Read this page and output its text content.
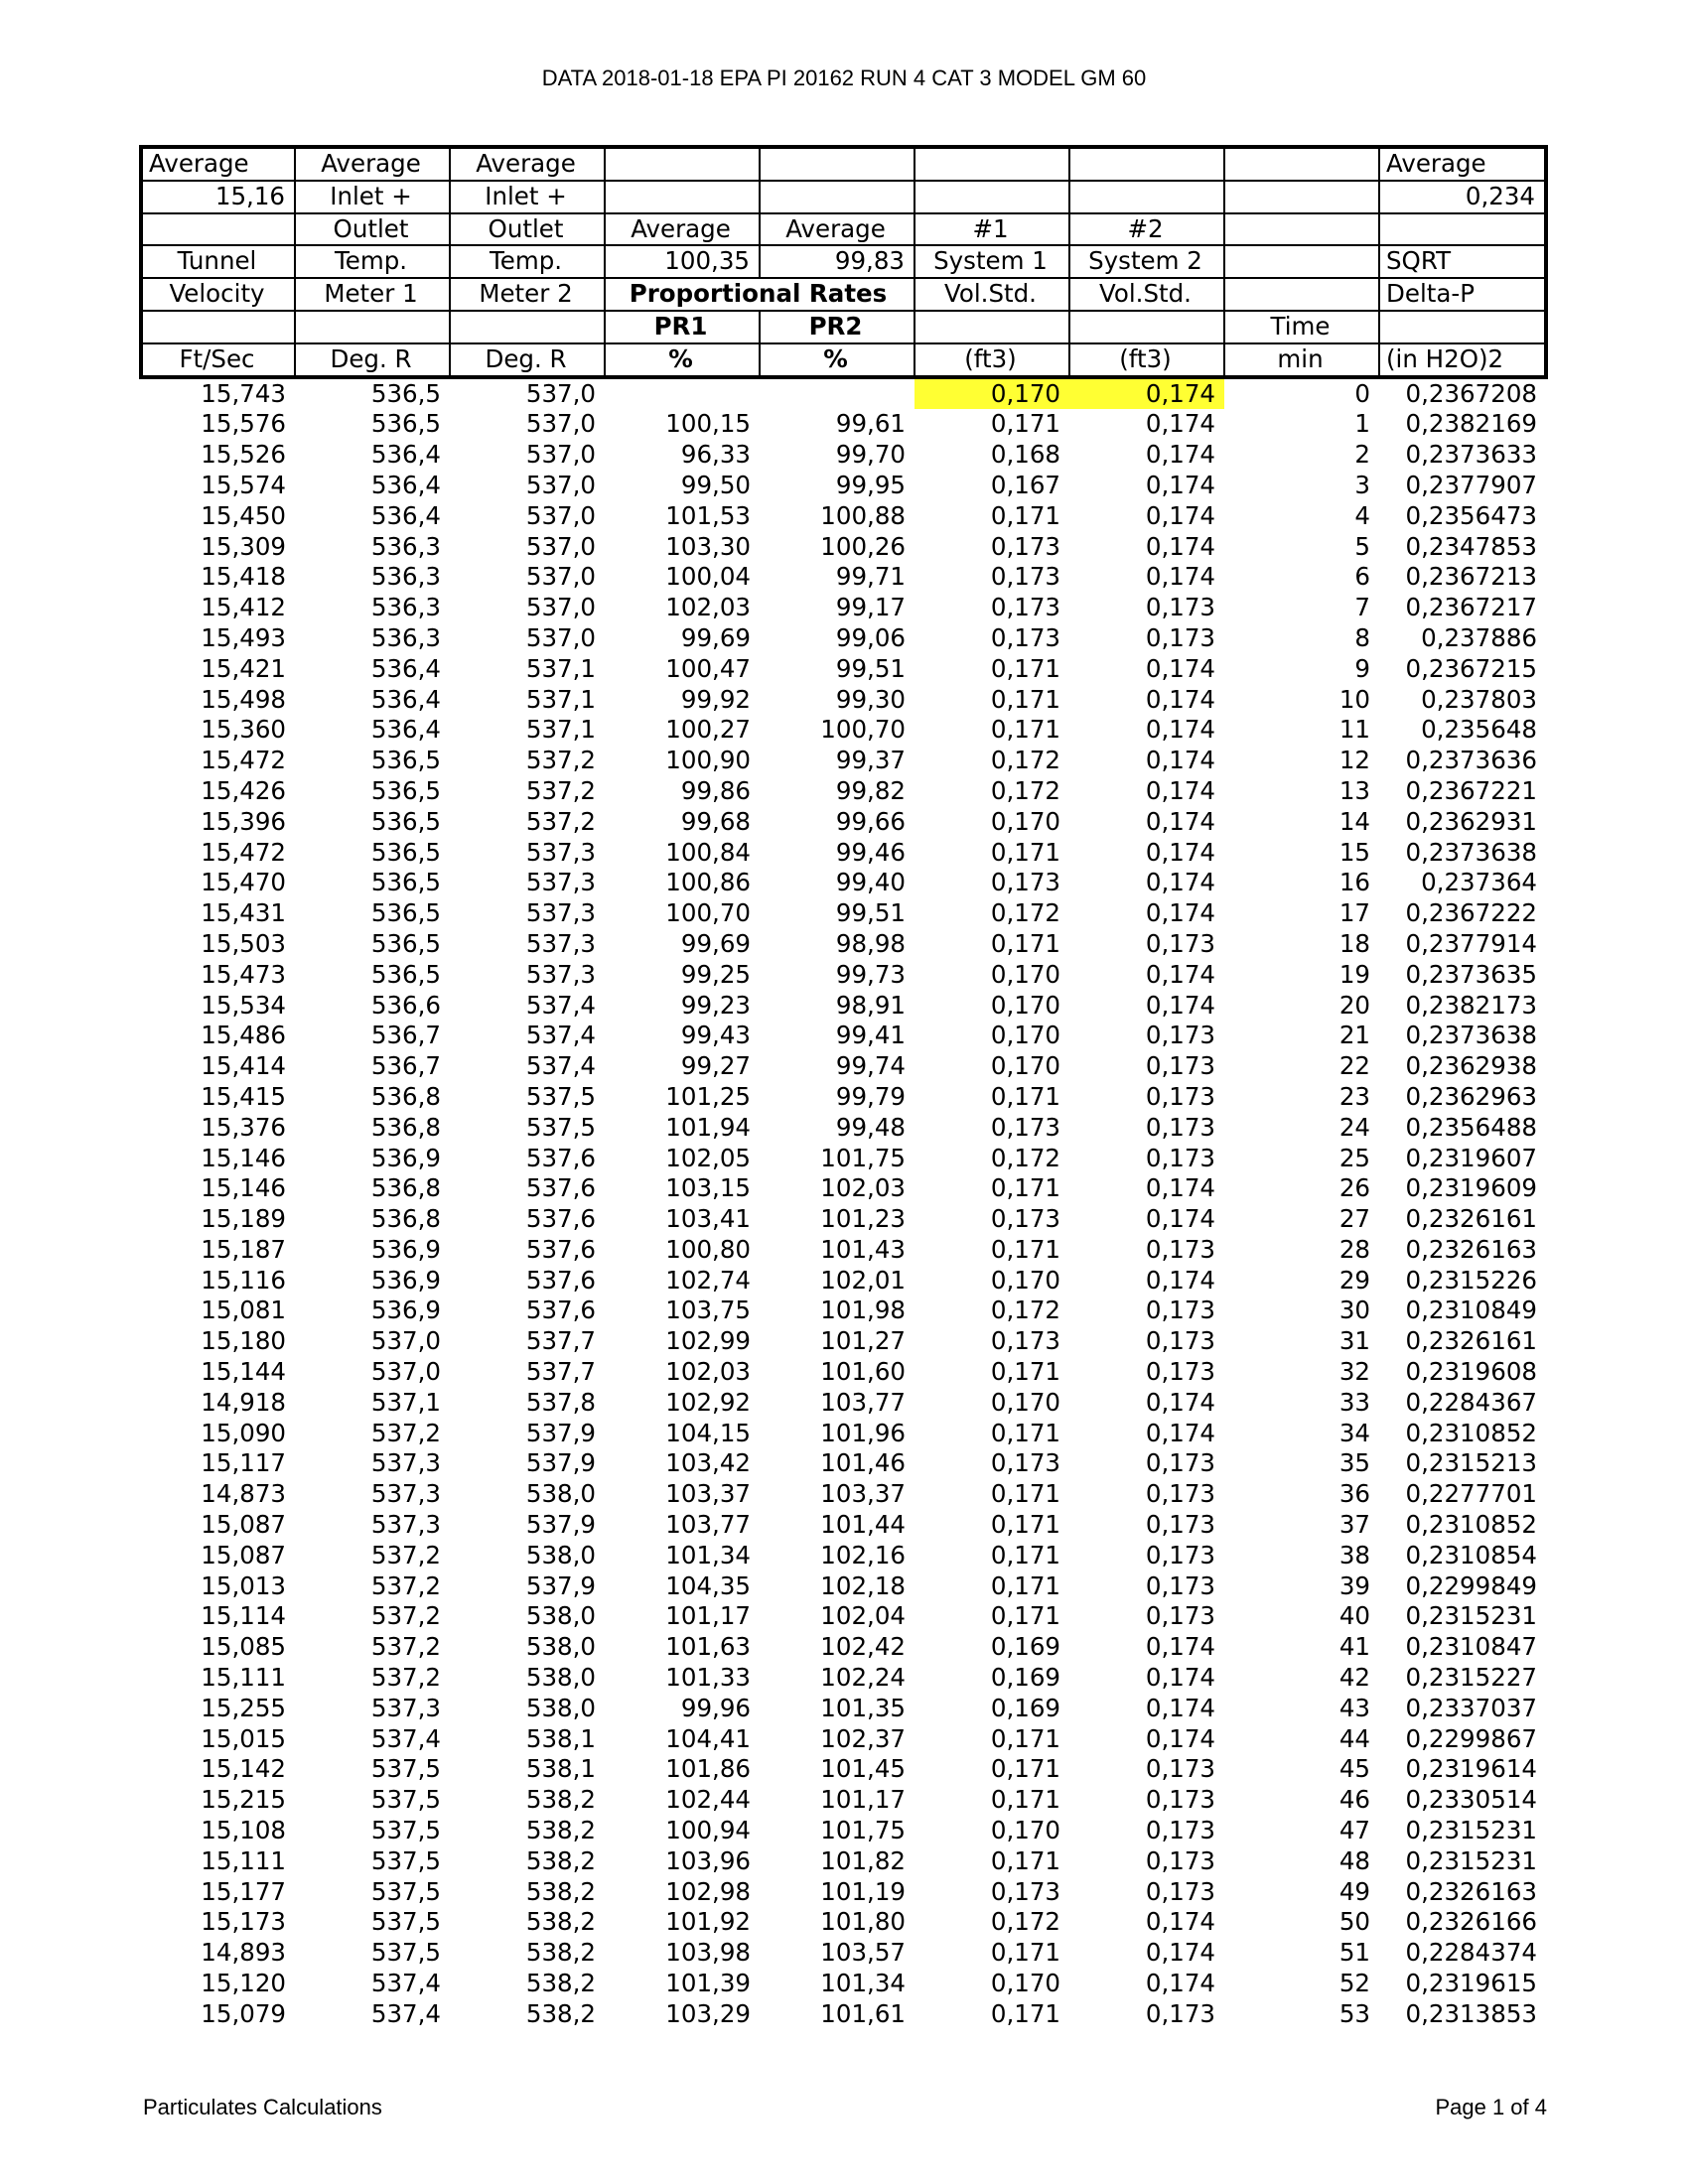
DATA 2018-01-18 EPA PI 20162 RUN 4 CAT 3 MODEL GM 60
Average	Average	Average						Average
15,16	Inlet +	Inlet +						0,234
	Outlet	Outlet	Average	Average	#1	#2		
Tunnel	Temp.	Temp.	100,35	99,83	System 1	System 2		SQRT
Velocity	Meter 1	Meter 2	Proportional Rates		Vol.Std.	Vol.Std.		Delta-P
			PR1	PR2			Time	
Ft/Sec	Deg. R	Deg. R	%	%	(ft3)	(ft3)	min	(in H2O)2
15,743	536,5	537,0			0,170	0,174	0	0,2367208
15,576	536,5	537,0	100,15	99,61	0,171	0,174	1	0,2382169
15,526	536,4	537,0	96,33	99,70	0,168	0,174	2	0,2373633
15,574	536,4	537,0	99,50	99,95	0,167	0,174	3	0,2377907
15,450	536,4	537,0	101,53	100,88	0,171	0,174	4	0,2356473
15,309	536,3	537,0	103,30	100,26	0,173	0,174	5	0,2347853
15,418	536,3	537,0	100,04	99,71	0,173	0,174	6	0,2367213
15,412	536,3	537,0	102,03	99,17	0,173	0,173	7	0,2367217
15,493	536,3	537,0	99,69	99,06	0,173	0,173	8	0,237886
15,421	536,4	537,1	100,47	99,51	0,171	0,174	9	0,2367215
15,498	536,4	537,1	99,92	99,30	0,171	0,174	10	0,237803
15,360	536,4	537,1	100,27	100,70	0,171	0,174	11	0,235648
15,472	536,5	537,2	100,90	99,37	0,172	0,174	12	0,2373636
15,426	536,5	537,2	99,86	99,82	0,172	0,174	13	0,2367221
15,396	536,5	537,2	99,68	99,66	0,170	0,174	14	0,2362931
15,472	536,5	537,3	100,84	99,46	0,171	0,174	15	0,2373638
15,470	536,5	537,3	100,86	99,40	0,173	0,174	16	0,237364
15,431	536,5	537,3	100,70	99,51	0,172	0,174	17	0,2367222
15,503	536,5	537,3	99,69	98,98	0,171	0,173	18	0,2377914
15,473	536,5	537,3	99,25	99,73	0,170	0,174	19	0,2373635
15,534	536,6	537,4	99,23	98,91	0,170	0,174	20	0,2382173
15,486	536,7	537,4	99,43	99,41	0,170	0,173	21	0,2373638
15,414	536,7	537,4	99,27	99,74	0,170	0,173	22	0,2362938
15,415	536,8	537,5	101,25	99,79	0,171	0,173	23	0,2362963
15,376	536,8	537,5	101,94	99,48	0,173	0,173	24	0,2356488
15,146	536,9	537,6	102,05	101,75	0,172	0,173	25	0,2319607
15,146	536,8	537,6	103,15	102,03	0,171	0,174	26	0,2319609
15,189	536,8	537,6	103,41	101,23	0,173	0,174	27	0,2326161
15,187	536,9	537,6	100,80	101,43	0,171	0,173	28	0,2326163
15,116	536,9	537,6	102,74	102,01	0,170	0,174	29	0,2315226
15,081	536,9	537,6	103,75	101,98	0,172	0,173	30	0,2310849
15,180	537,0	537,7	102,99	101,27	0,173	0,173	31	0,2326161
15,144	537,0	537,7	102,03	101,60	0,171	0,173	32	0,2319608
14,918	537,1	537,8	102,92	103,77	0,170	0,174	33	0,2284367
15,090	537,2	537,9	104,15	101,96	0,171	0,174	34	0,2310852
15,117	537,3	537,9	103,42	101,46	0,173	0,173	35	0,2315213
14,873	537,3	538,0	103,37	103,37	0,171	0,173	36	0,2277701
15,087	537,3	537,9	103,77	101,44	0,171	0,173	37	0,2310852
15,087	537,2	538,0	101,34	102,16	0,171	0,173	38	0,2310854
15,013	537,2	537,9	104,35	102,18	0,171	0,173	39	0,2299849
15,114	537,2	538,0	101,17	102,04	0,171	0,173	40	0,2315231
15,085	537,2	538,0	101,63	102,42	0,169	0,174	41	0,2310847
15,111	537,2	538,0	101,33	102,24	0,169	0,174	42	0,2315227
15,255	537,3	538,0	99,96	101,35	0,169	0,174	43	0,2337037
15,015	537,4	538,1	104,41	102,37	0,171	0,174	44	0,2299867
15,142	537,5	538,1	101,86	101,45	0,171	0,173	45	0,2319614
15,215	537,5	538,2	102,44	101,17	0,171	0,173	46	0,2330514
15,108	537,5	538,2	100,94	101,75	0,170	0,173	47	0,2315231
15,111	537,5	538,2	103,96	101,82	0,171	0,173	48	0,2315231
15,177	537,5	538,2	102,98	101,19	0,173	0,173	49	0,2326163
15,173	537,5	538,2	101,92	101,80	0,172	0,174	50	0,2326166
14,893	537,5	538,2	103,98	103,57	0,171	0,174	51	0,2284374
15,120	537,4	538,2	101,39	101,34	0,170	0,174	52	0,2319615
15,079	537,4	538,2	103,29	101,61	0,171	0,173	53	0,2313853
Particulates Calculations	Page 1 of 4
